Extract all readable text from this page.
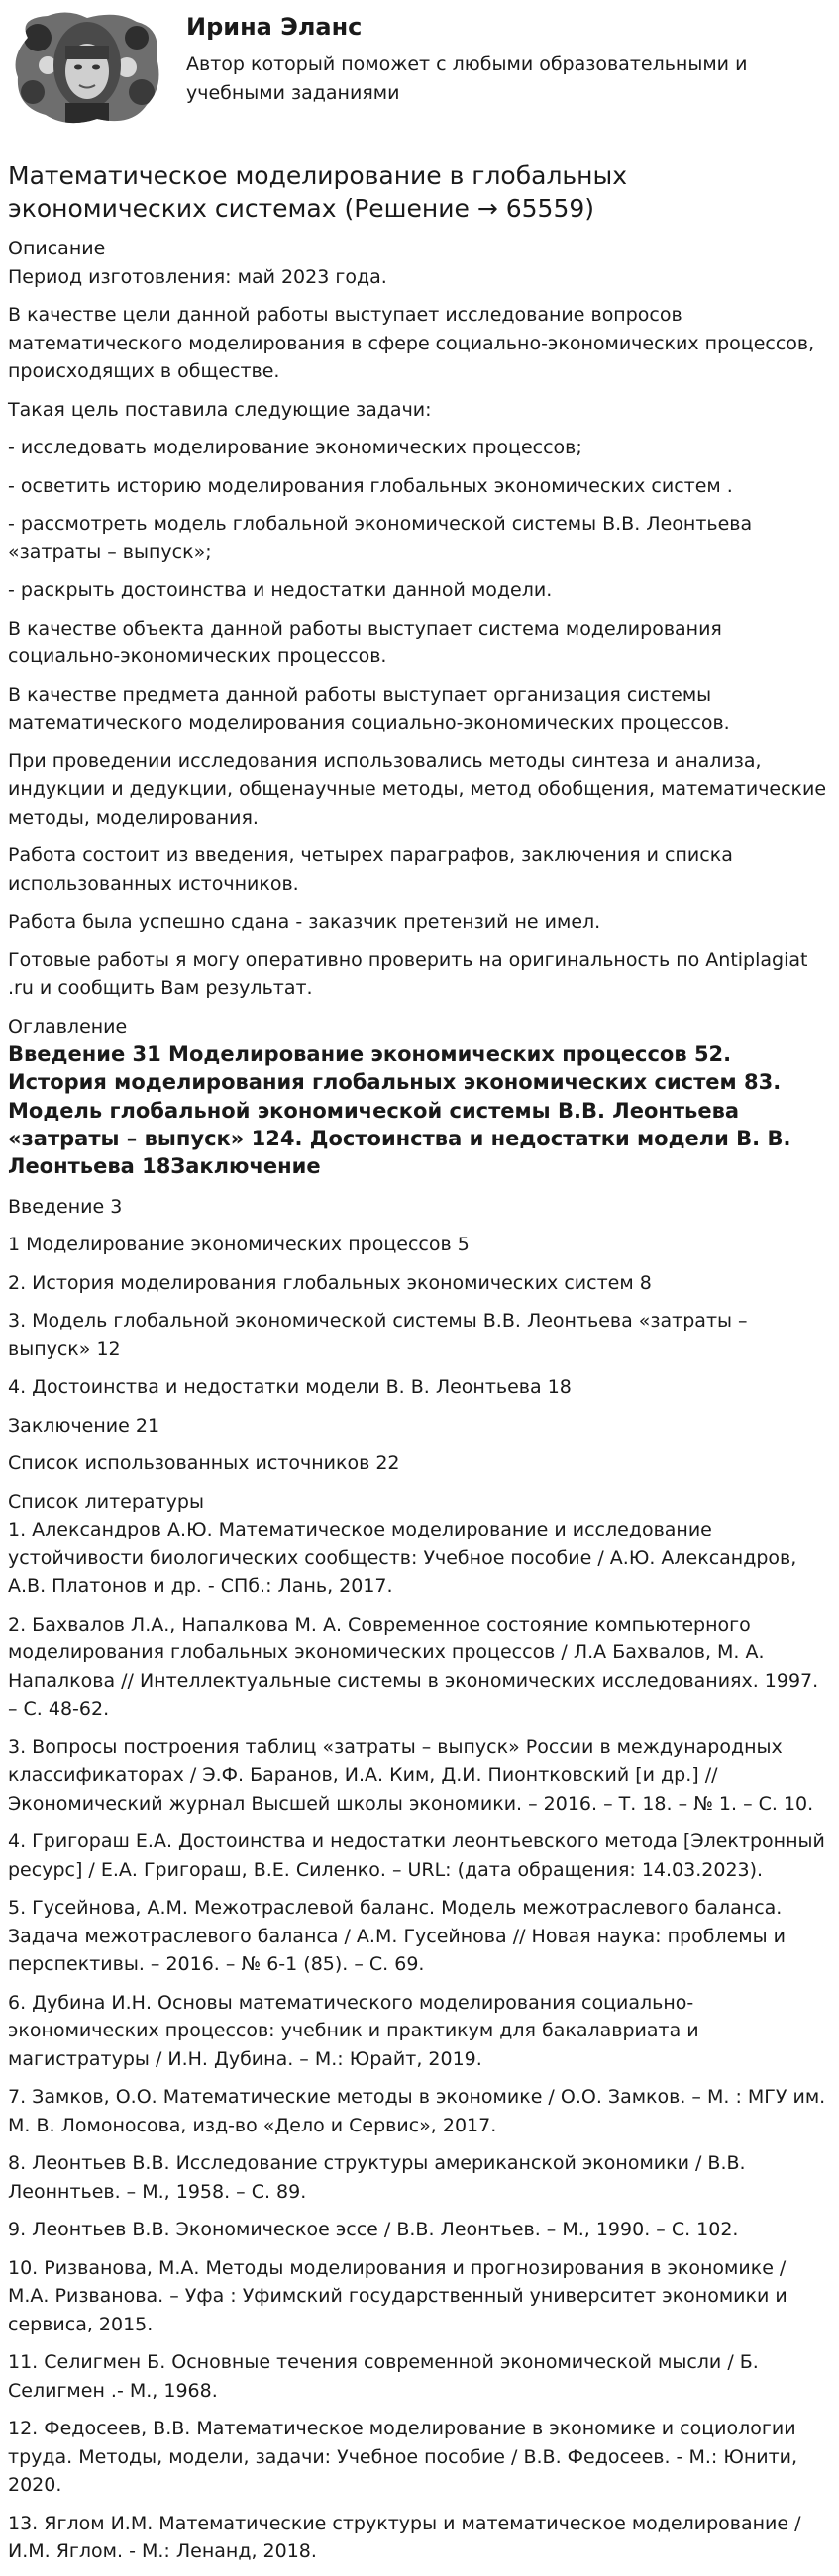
Ирина Эланс
Автор который поможет с любыми образовательными и учебными заданиями
Математическое моделирование в глобальных экономических системах (Решение → 65559)
Описание

Период изготовления: май 2023 года.

В качестве цели данной работы выступает исследование вопросов математического моделирования в сфере социально-экономических процессов, происходящих в обществе.

Такая цель поставила следующие задачи:

- исследовать моделирование экономических процессов;

- осветить историю моделирования глобальных экономических систем .

- рассмотреть модель глобальной экономической системы В.В. Леонтьева «затраты – выпуск»;

- раскрыть достоинства и недостатки данной модели.

В качестве объекта данной работы выступает система моделирования социально-экономических процессов.

В качестве предмета данной работы выступает организация системы математического моделирования социально-экономических процессов.

При проведении исследования использовались методы синтеза и анализа, индукции и дедукции, общенаучные методы, метод обобщения, математические методы, моделирования.

Работа состоит из введения, четырех параграфов, заключения и списка использованных источников.

Работа была успешно сдана - заказчик претензий не имел.

Готовые работы я могу оперативно проверить на оригинальность по Antiplagiat .ru и сообщить Вам результат.

Оглавление
Введение 31 Моделирование экономических процессов 52. История моделирования глобальных экономических систем 83. Модель глобальной экономической системы В.В. Леонтьева «затраты – выпуск» 124. Достоинства и недостатки модели В. В. Леонтьева 18Заключение

Введение 3

1 Моделирование экономических процессов 5

2. История моделирования глобальных экономических систем 8

3. Модель глобальной экономической системы В.В. Леонтьева «затраты – выпуск» 12

4. Достоинства и недостатки модели В. В. Леонтьева 18

Заключение 21

Список использованных источников 22

Список литературы

1. Александров А.Ю. Математическое моделирование и исследование устойчивости биологических сообществ: Учебное пособие / А.Ю. Александров, А.В. Платонов и др. - СПб.: Лань, 2017.

2. Бахвалов Л.А., Напалкова М. А. Современное состояние компьютерного моделирования глобальных экономических процессов / Л.А Бахвалов, М. А. Напалкова // Интеллектуальные системы в экономических исследованиях. 1997. – С. 48-62.

3. Вопросы построения таблиц «затраты – выпуск» России в международных классификаторах / Э.Ф. Баранов, И.А. Ким, Д.И. Пионтковский [и др.] // Экономический журнал Высшей школы экономики. – 2016. – Т. 18. – № 1. – С. 10.

4. Григораш Е.А. Достоинства и недостатки леонтьевского метода [Электронный ресурс] / Е.А. Григораш, В.Е. Силенко. – URL: (дата обращения: 14.03.2023).

5. Гусейнова, А.М. Межотраслевой баланс. Модель межотраслевого баланса. Задача межотраслевого баланса / А.М. Гусейнова // Новая наука: проблемы и перспективы. – 2016. – № 6-1 (85). – С. 69.

6. Дубина И.Н. Основы математического моделирования социально-экономических процессов: учебник и практикум для бакалавриата и магистратуры / И.Н. Дубина. – М.: Юрайт, 2019.

7. Замков, О.О. Математические методы в экономике / О.О. Замков. – М. : МГУ им. М. В. Ломоносова, изд-во «Дело и Сервис», 2017.

8. Леонтьев В.В. Исследование структуры американской экономики / В.В. Леоннтьев. – М., 1958. – С. 89.

9. Леонтьев В.В. Экономическое эссе / В.В. Леонтьев. – М., 1990. – С. 102.

10. Ризванова, М.А. Методы моделирования и прогнозирования в экономике / М.А. Ризванова. – Уфа : Уфимский государственный университет экономики и сервиса, 2015.

11. Селигмен Б. Основные течения современной экономической мысли / Б. Селигмен .- М., 1968.

12. Федосеев, В.В. Математическое моделирование в экономике и социологии труда. Методы, модели, задачи: Учебное пособие / В.В. Федосеев. - М.: Юнити, 2020.

13. Яглом И.М. Математические структуры и математическое моделирование / И.М. Яглом. - М.: Ленанд, 2018.
